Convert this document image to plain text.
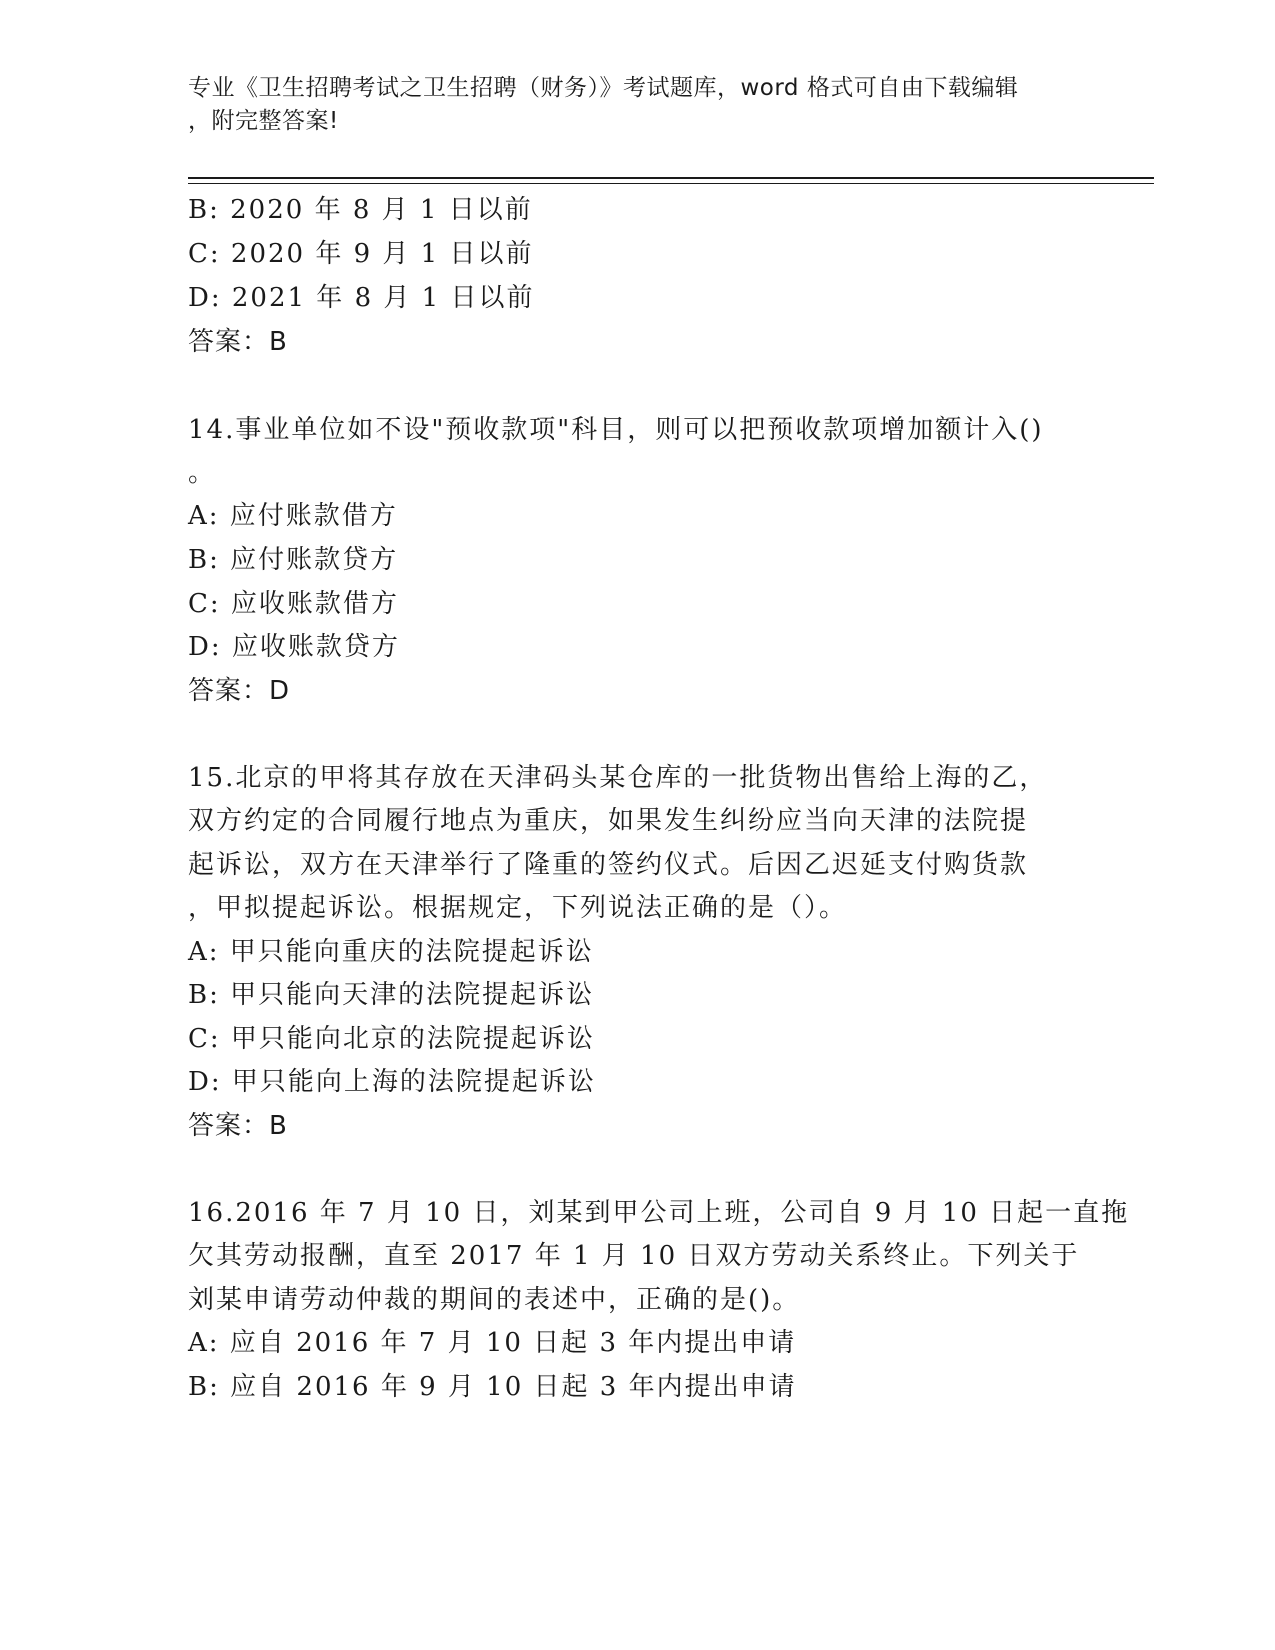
专业《卫生招聘考试之卫生招聘（财务）》考试题库，word 格式可自由下载编辑
，附完整答案!
B: 2020 年 8 月 1 日以前
C: 2020 年 9 月 1 日以前
D: 2021 年 8 月 1 日以前
答案：B
14.事业单位如不设"预收款项"科目，则可以把预收款项增加额计入()
。
A: 应付账款借方
B: 应付账款贷方
C: 应收账款借方
D: 应收账款贷方
答案：D
15.北京的甲将其存放在天津码头某仓库的一批货物出售给上海的乙，
双方约定的合同履行地点为重庆，如果发生纠纷应当向天津的法院提
起诉讼，双方在天津举行了隆重的签约仪式。后因乙迟延支付购货款
，甲拟提起诉讼。根据规定，下列说法正确的是（）。
A: 甲只能向重庆的法院提起诉讼
B: 甲只能向天津的法院提起诉讼
C: 甲只能向北京的法院提起诉讼
D: 甲只能向上海的法院提起诉讼
答案：B
16.2016 年 7 月 10 日，刘某到甲公司上班，公司自 9 月 10 日起一直拖
欠其劳动报酬，直至 2017 年 1 月 10 日双方劳动关系终止。下列关于
刘某申请劳动仲裁的期间的表述中，正确的是()。
A: 应自 2016 年 7 月 10 日起 3 年内提出申请
B: 应自 2016 年 9 月 10 日起 3 年内提出申请
